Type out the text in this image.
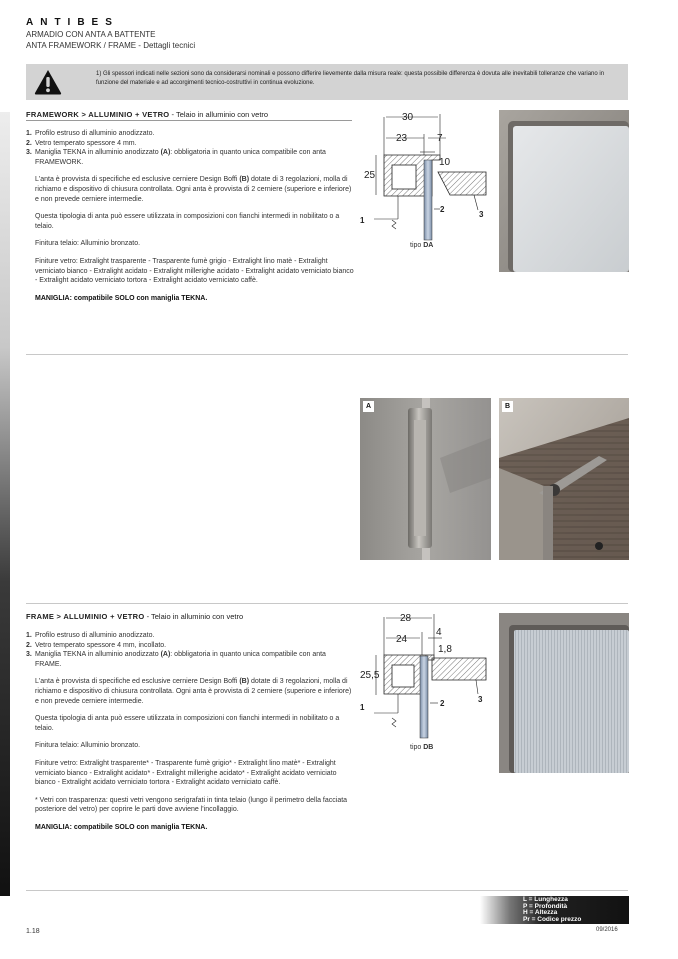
ANTIBES
ARMADIO CON ANTA A BATTENTE
ANTA FRAMEWORK / FRAME - Dettagli tecnici
1) Gli spessori indicati nelle sezioni sono da considerarsi nominali e possono differire lievemente dalla misura reale: questa possibile differenza è dovuta alle inevitabili tolleranze che variano in funzione del materiale e ad accorgimenti tecnico-costruttivi in continua evoluzione.
FRAMEWORK > ALLUMINIO + VETRO - Telaio in alluminio con vetro
1. Profilo estruso di alluminio anodizzato.
2. Vetro temperato spessore 4 mm.
3. Maniglia TEKNA in alluminio anodizzato (A): obbligatoria in quanto unica compatibile con anta FRAMEWORK.

L'anta è provvista di specifiche ed esclusive cerniere Design Boffi (B) dotate di 3 regolazioni, molla di richiamo e dispositivo di chiusura controllata. Ogni anta è provvista di 2 cerniere (superiore e inferiore) e non prevede cerniere intermedie.

Questa tipologia di anta può essere utilizzata in composizioni con fianchi intermedi in nobilitato o a telaio.

Finitura telaio: Alluminio bronzato.

Finiture vetro: Extralight trasparente - Trasparente fumè grigio - Extralight lino matè - Extralight verniciato bianco - Extralight acidato - Extralight millerighe acidato - Extralight acidato verniciato bianco - Extralight acidato verniciato tortora - Extralight acidato verniciato caffè.

MANIGLIA: compatibile SOLO con maniglia TEKNA.

30
23	7
10
25
1
2
3
tipo DA
A	B
FRAME > ALLUMINIO + VETRO - Telaio in alluminio con vetro
1. Profilo estruso di alluminio anodizzato.
2. Vetro temperato spessore 4 mm, incollato.
3. Maniglia TEKNA in alluminio anodizzato (A): obbligatoria in quanto unica compatibile con anta FRAME.

L'anta è provvista di specifiche ed esclusive cerniere Design Boffi (B) dotate di 3 regolazioni, molla di richiamo e dispositivo di chiusura controllata. Ogni anta è provvista di 2 cerniere (superiore e inferiore) e non prevede cerniere intermedie.

Questa tipologia di anta può essere utilizzata in composizioni con fianchi intermedi in nobilitato o a telaio.

Finitura telaio: Alluminio bronzato.

Finiture vetro: Extralight trasparente* - Trasparente fumè grigio* - Extralight lino matè* - Extralight verniciato bianco - Extralight acidato* - Extralight millerighe acidato* - Extralight acidato verniciato bianco - Extralight acidato verniciato tortora - Extralight acidato verniciato caffè.

* Vetri con trasparenza: questi vetri vengono serigrafati in tinta telaio (lungo il perimetro della facciata posteriore del vetro) per coprire le parti dove avviene l'incollaggio.

MANIGLIA: compatibile SOLO con maniglia TEKNA.

28
24
4
1,8
25,5
1	2	3
tipo DB
L = Lunghezza
P = Profondità
H = Altezza
Pr = Codice prezzo
1.18	09/2016
